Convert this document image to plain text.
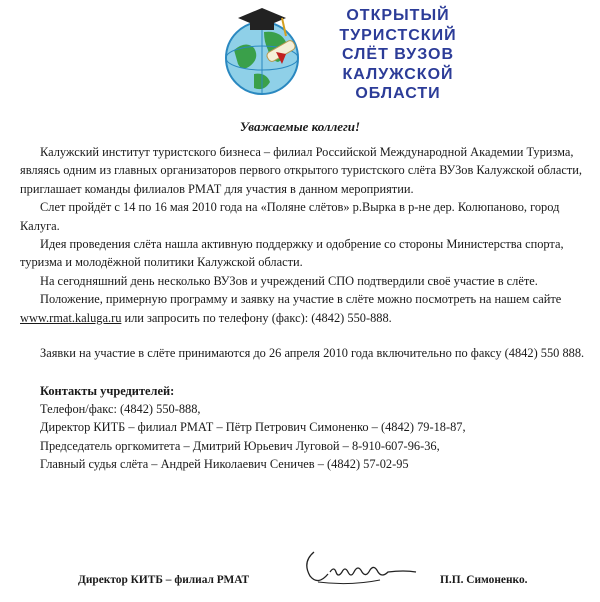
ОТКРЫТЫЙ
ТУРИСТСКИЙ
СЛЁТ ВУЗОВ
КАЛУЖСКОЙ
ОБЛАСТИ
Уважаемые коллеги!

Калужский институт туристского бизнеса – филиал Российской Международной Академии Туризма, являясь одним из главных организаторов первого открытого туристского слёта ВУЗов Калужской области, приглашает команды филиалов РМАТ для участия в данном мероприятии.

Слет пройдёт с 14 по 16 мая 2010 года на «Поляне слётов» р.Вырка в р-не дер. Колюпаново, город Калуга.

Идея проведения слёта нашла активную поддержку и одобрение со стороны Министерства спорта, туризма и молодёжной политики Калужской области.

На сегодняшний день несколько ВУЗов и учреждений СПО подтвердили своё участие в слёте.

Положение, примерную программу и заявку на участие в слёте можно посмотреть на нашем сайте
www.rmat.kaluga.ru или запросить по телефону (факс): (4842) 550-888.

Заявки на участие в слёте принимаются до 26 апреля 2010 года включительно по факсу (4842) 550 888.
Контакты учредителей:
Телефон/факс: (4842) 550-888,
Директор КИТБ – филиал РМАТ – Пётр Петрович Симоненко – (4842) 79-18-87,
Председатель оргкомитета – Дмитрий Юрьевич Луговой – 8-910-607-96-36,
Главный судья слёта – Андрей Николаевич Сеничев – (4842) 57-02-95
Директор КИТБ – филиал РМАТ	П.П. Симоненко.
